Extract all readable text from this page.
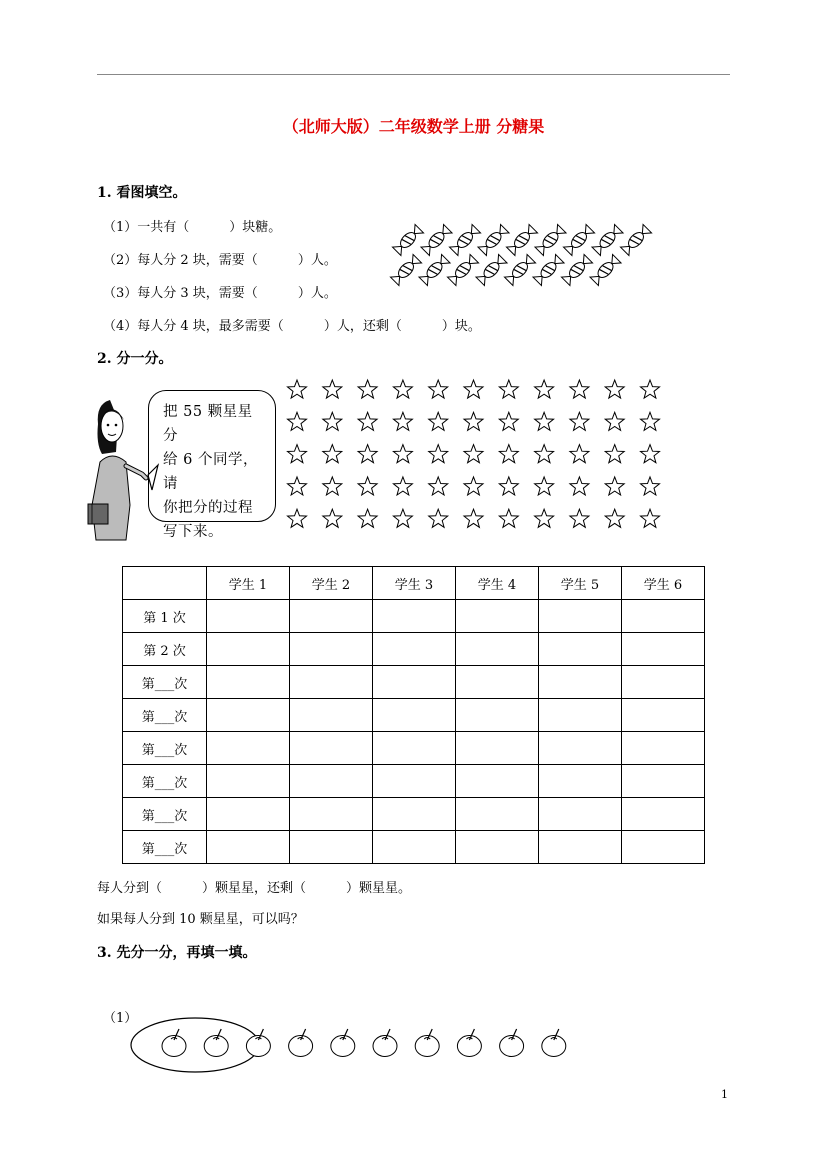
（北师大版）二年级数学上册 分糖果
1. 看图填空。
（1）一共有（	）块糖。
（2）每人分 2 块，需要（	）人。
（3）每人分 3 块，需要（	）人。
（4）每人分 4 块，最多需要（	）人，还剩（	）块。
2. 分一分。
把 55 颗星星分
给 6 个同学，请
你把分的过程
写下来。
	学生 1	学生 2	学生 3	学生 4	学生 5	学生 6
第 1 次						
第 2 次						
第___次						
第___次						
第___次						
第___次						
第___次						
第___次						
每人分到（	）颗星星，还剩（	）颗星星。
如果每人分到 10 颗星星，可以吗？
3. 先分一分，再填一填。
（1）
1
